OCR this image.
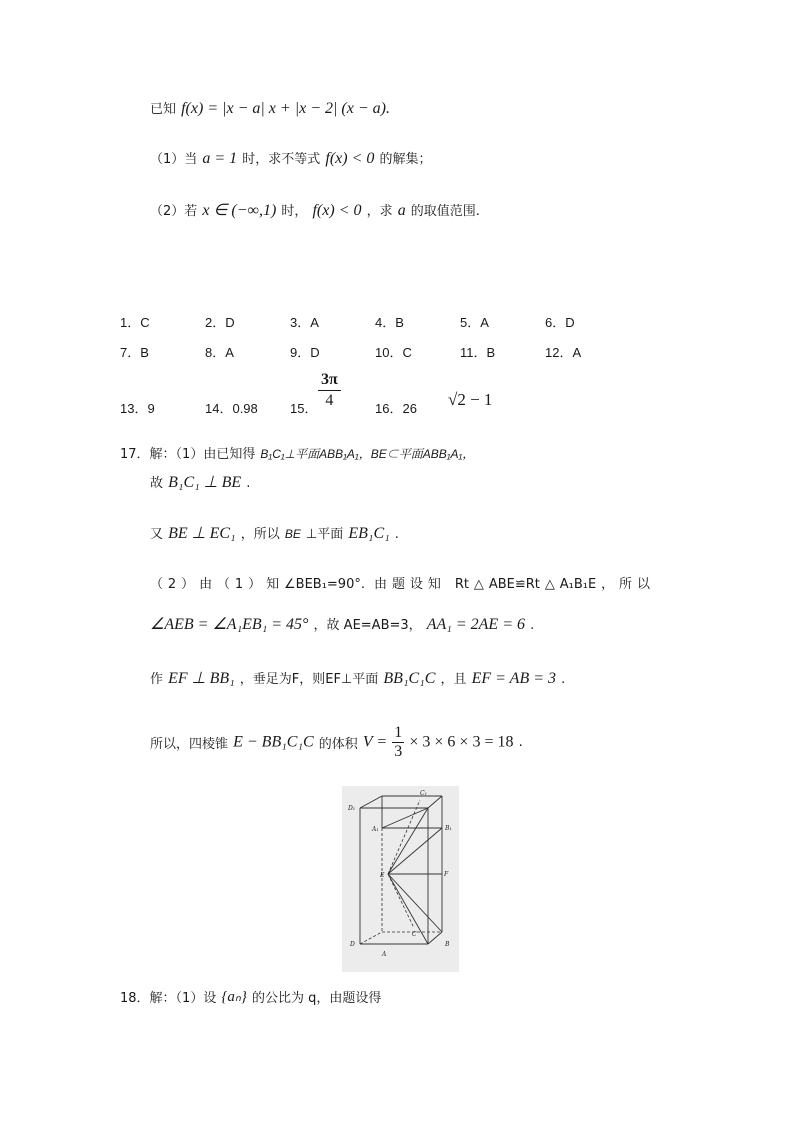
已知 f(x) = |x − a| x + |x − 2| (x − a).
（1）当 a = 1 时，求不等式 f(x) < 0 的解集；
（2）若 x ∈ (−∞,1) 时， f(x) < 0 ，求 a 的取值范围.
1．C	2．D	3．A	4．B	5．A	6．D
7．B	8．A	9．D	10．C	11．B	12．A
13．9	14．0.98 15． $\frac{3\pi}{4}$	16．26 √2 − 1
17．解：（1）由已知得 B₁C₁⊥平面ABB₁A₁，BE⊂平面ABB₁A₁，
故 B₁C₁ ⊥ BE .
又 BE ⊥ EC₁ ，所以 BE ⊥平面 EB₁C₁ .
（2）由（1）知∠BEB₁=90°. 由题设知 Rt△ABE≌Rt△A₁B₁E，所以
∠AEB = ∠A₁EB₁ = 45° ，故 AE=AB=3， AA₁ = 2AE = 6 .
作 EF ⊥ BB₁ ，垂足为F，则EF⊥平面 BB₁C₁C ，且 EF = AB = 3 .
所以，四棱锥 E − BB₁C₁C 的体积 $V = \frac{1}{3} \times 3 \times 6 \times 3 = 18$ .
D₁
C₁
A₁	B₁
E	F
D
C
A
B
18．解：（1）设 {aₙ} 的公比为 q，由题设得
